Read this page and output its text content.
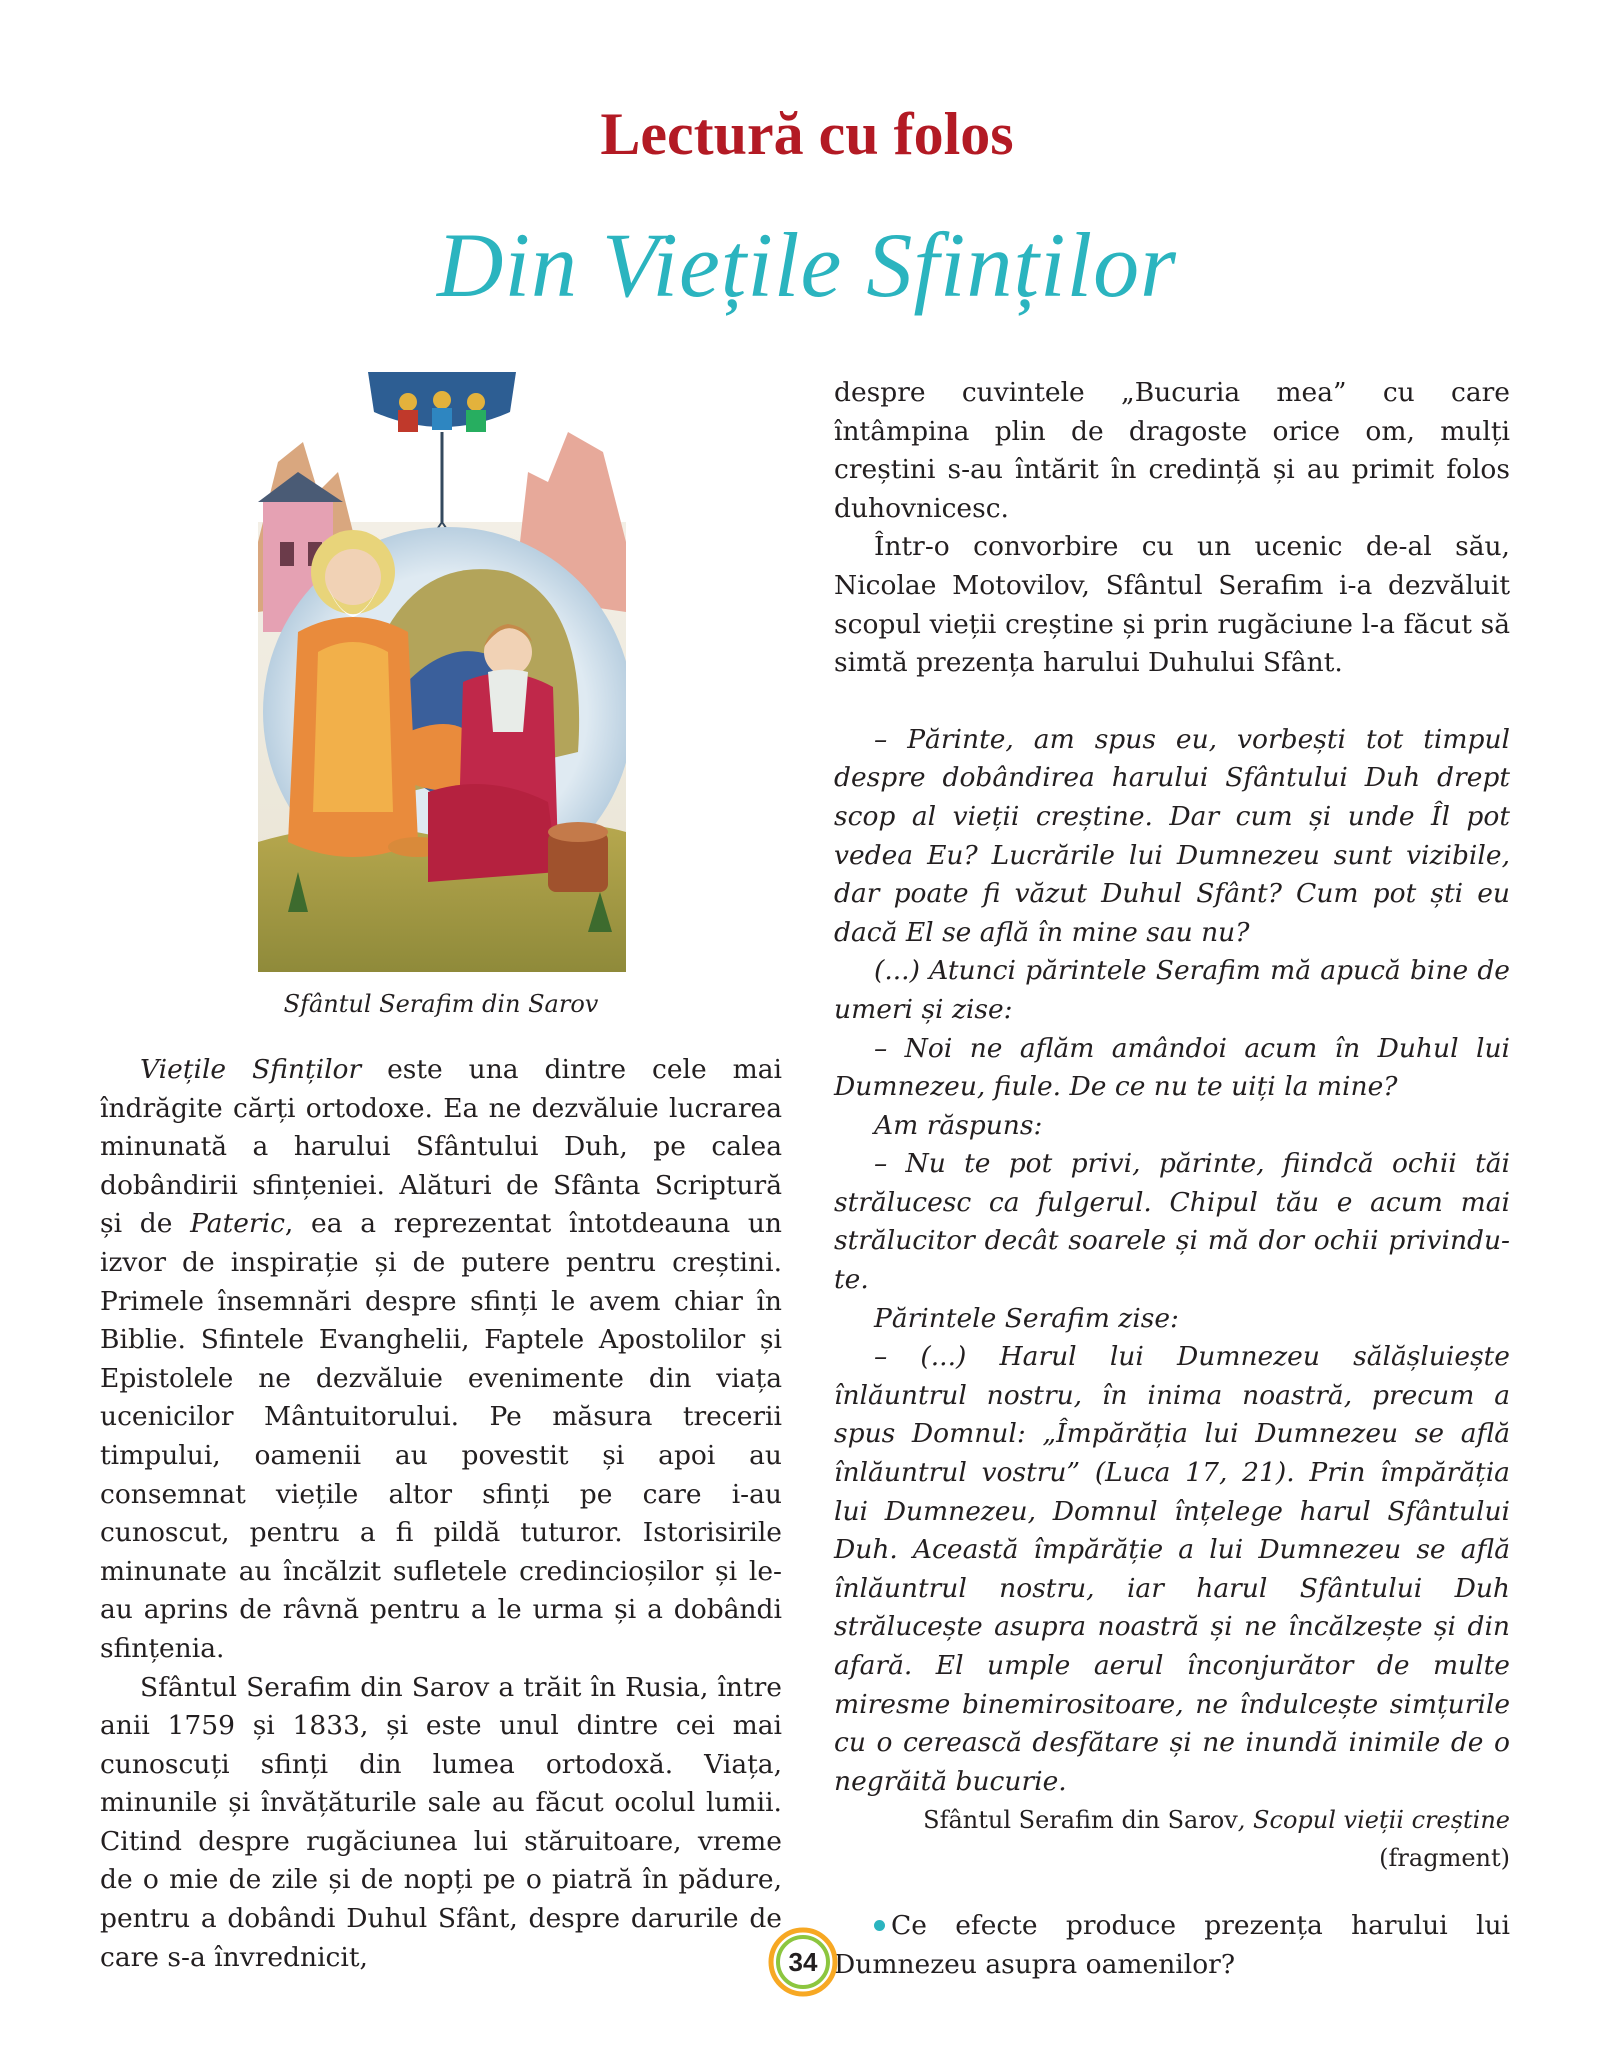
Lectură cu folos
Din Viețile Sfinților
Sfântul Serafim din Sarov

Viețile Sfinților este una dintre cele mai îndrăgite cărți ortodoxe. Ea ne dezvăluie lucrarea minunată a harului Sfântului Duh, pe calea dobândirii sfințeniei. Alături de Sfânta Scriptură și de Pateric, ea a reprezentat întotdeauna un izvor de inspirație și de putere pentru creștini. Primele însemnări despre sfinți le avem chiar în Biblie. Sfintele Evanghelii, Faptele Apostolilor și Epistolele ne dezvăluie evenimente din viața ucenicilor Mântuitorului. Pe măsura trecerii timpului, oamenii au povestit și apoi au consemnat viețile altor sfinți pe care i-au cunoscut, pentru a fi pildă tuturor. Istorisirile minunate au încălzit sufletele credincioșilor și le-au aprins de râvnă pentru a le urma și a dobândi sfințenia.

Sfântul Serafim din Sarov a trăit în Rusia, între anii 1759 și 1833, și este unul dintre cei mai cunoscuți sfinți din lumea ortodoxă. Viața, minunile și învățăturile sale au făcut ocolul lumii. Citind despre rugăciunea lui stăruitoare, vreme de o mie de zile și de nopți pe o piatră în pădure, pentru a dobândi Duhul Sfânt, despre darurile de care s-a învrednicit,

despre cuvintele „Bucuria mea” cu care întâmpina plin de dragoste orice om, mulți creștini s-au întărit în credință și au primit folos duhovnicesc.

Într-o convorbire cu un ucenic de-al său, Nicolae Motovilov, Sfântul Serafim i-a dezvăluit scopul vieții creștine și prin rugăciune l-a făcut să simtă prezența harului Duhului Sfânt.

– Părinte, am spus eu, vorbești tot timpul despre dobândirea harului Sfântului Duh drept scop al vieții creștine. Dar cum și unde Îl pot vedea Eu? Lucrările lui Dumnezeu sunt vizibile, dar poate fi văzut Duhul Sfânt? Cum pot ști eu dacă El se află în mine sau nu?

(...) Atunci părintele Serafim mă apucă bine de umeri și zise:

– Noi ne aflăm amândoi acum în Duhul lui Dumnezeu, fiule. De ce nu te uiți la mine?

Am răspuns:

– Nu te pot privi, părinte, fiindcă ochii tăi strălucesc ca fulgerul. Chipul tău e acum mai strălucitor decât soarele și mă dor ochii privindu-te.

Părintele Serafim zise:

– (...) Harul lui Dumnezeu sălășluiește înlăuntrul nostru, în inima noastră, precum a spus Domnul: „Împărăția lui Dumnezeu se află înlăuntrul vostru” (Luca 17, 21). Prin împărăția lui Dumnezeu, Domnul înțelege harul Sfântului Duh. Această împărăție a lui Dumnezeu se află înlăuntrul nostru, iar harul Sfântului Duh strălucește asupra noastră și ne încălzește și din afară. El umple aerul înconjurător de multe miresme binemirositoare, ne îndulcește simțurile cu o cerească desfătare și ne inundă inimile de o negrăită bucurie.

Sfântul Serafim din Sarov, Scopul vieții creștine
(fragment)

Ce efecte produce prezența harului lui Dumnezeu asupra oamenilor?

34
